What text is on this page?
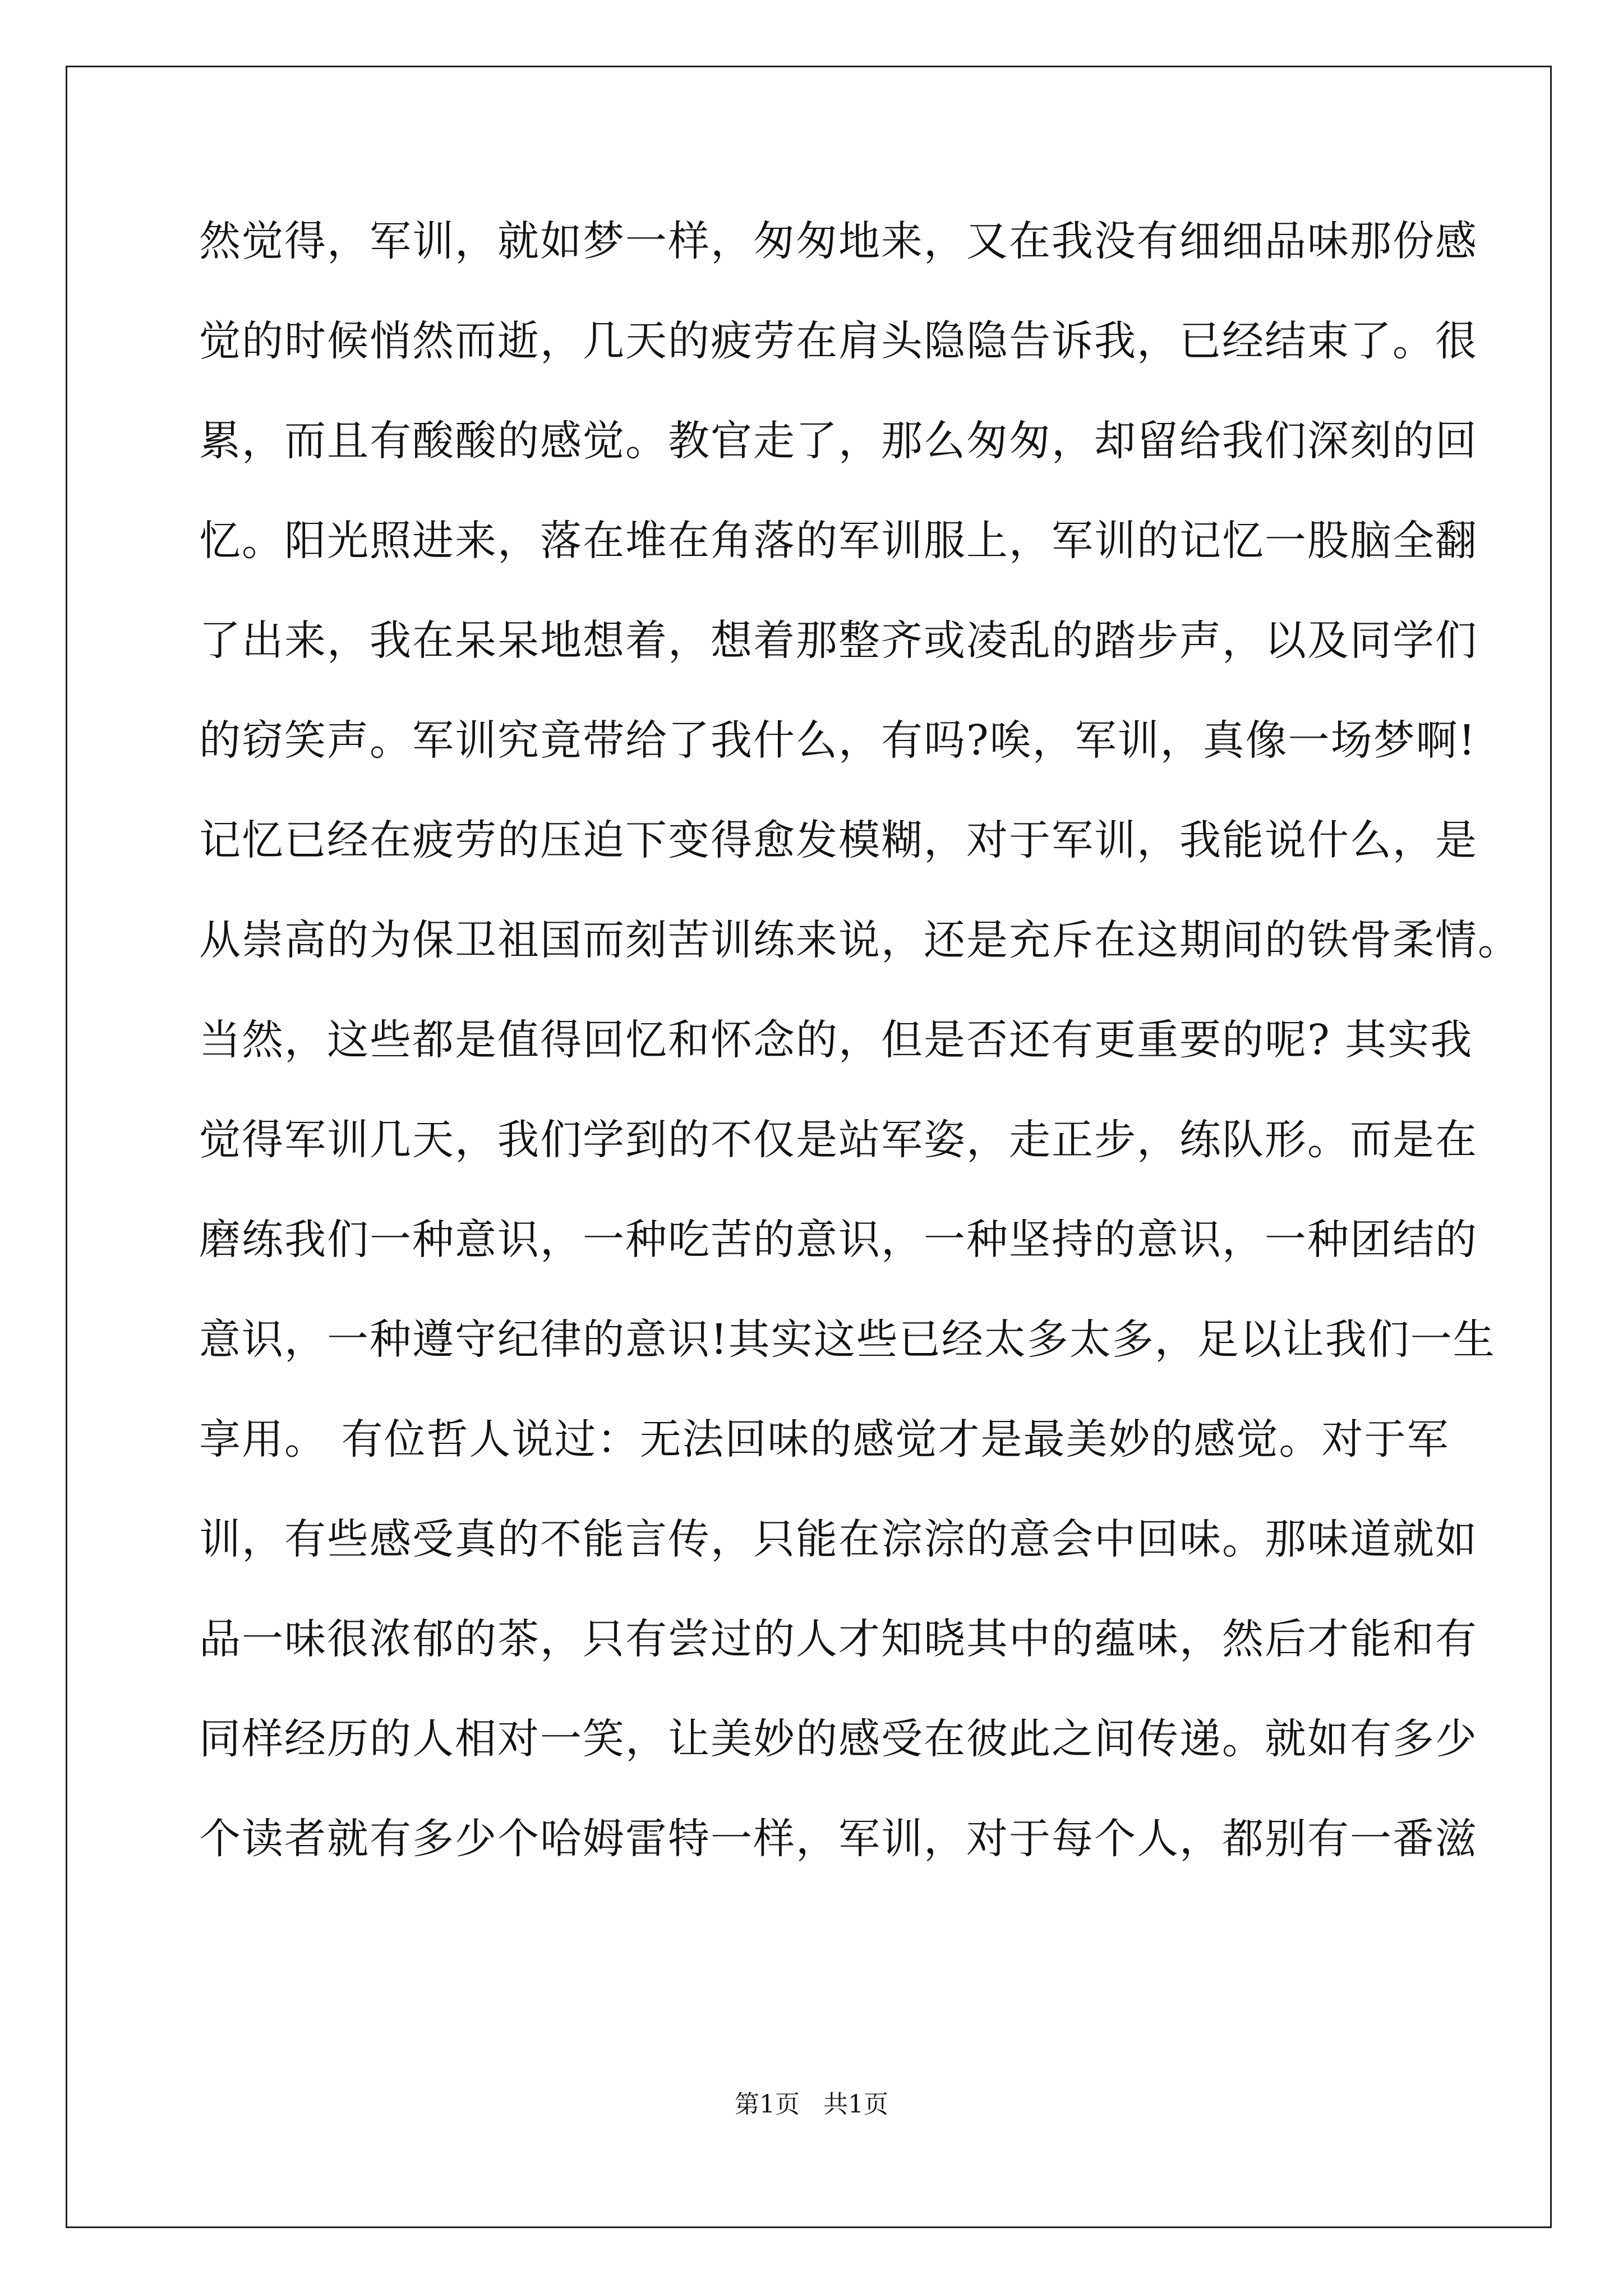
然觉得，军训，就如梦一样，匆匆地来，又在我没有细细品味那份感
觉的时候悄然而逝，几天的疲劳在肩头隐隐告诉我，已经结束了。很
累，而且有酸酸的感觉。教官走了，那么匆匆，却留给我们深刻的回
忆。阳光照进来，落在堆在角落的军训服上，军训的记忆一股脑全翻
了出来，我在呆呆地想着，想着那整齐或凌乱的踏步声，以及同学们
的窃笑声。军训究竟带给了我什么，有吗?唉，军训，真像一场梦啊!
记忆已经在疲劳的压迫下变得愈发模糊，对于军训，我能说什么，是
从崇高的为保卫祖国而刻苦训练来说，还是充斥在这期间的铁骨柔情。
当然，这些都是值得回忆和怀念的，但是否还有更重要的呢? 其实我
觉得军训几天，我们学到的不仅是站军姿，走正步，练队形。而是在
磨练我们一种意识，一种吃苦的意识，一种坚持的意识，一种团结的
意识，一种遵守纪律的意识!其实这些已经太多太多，足以让我们一生
享用。 有位哲人说过：无法回味的感觉才是最美妙的感觉。对于军
训，有些感受真的不能言传，只能在淙淙的意会中回味。那味道就如
品一味很浓郁的茶，只有尝过的人才知晓其中的蕴味，然后才能和有
同样经历的人相对一笑，让美妙的感受在彼此之间传递。就如有多少
个读者就有多少个哈姆雷特一样，军训，对于每个人，都别有一番滋
第1页   共1页
